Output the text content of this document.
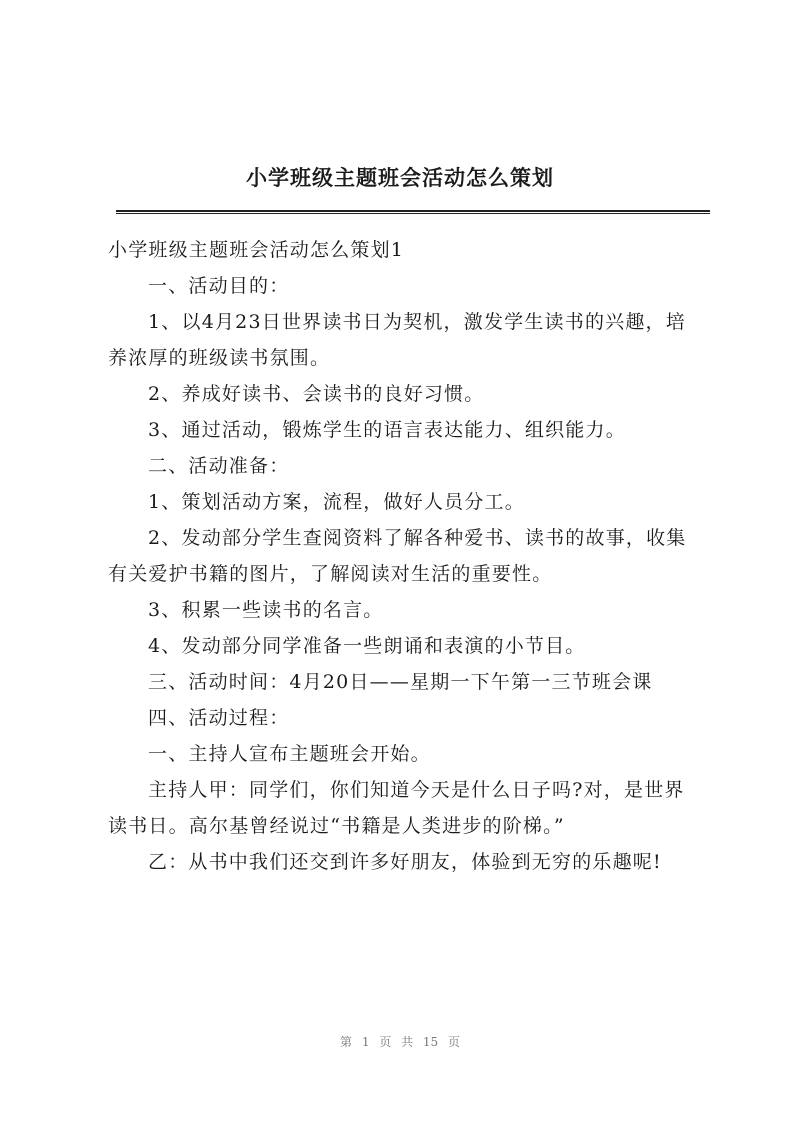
小学班级主题班会活动怎么策划

小学班级主题班会活动怎么策划1

一、活动目的：

1、以4月23日世界读书日为契机，激发学生读书的兴趣，培养浓厚的班级读书氛围。

2、养成好读书、会读书的良好习惯。

3、通过活动，锻炼学生的语言表达能力、组织能力。

二、活动准备：

1、策划活动方案，流程，做好人员分工。

2、发动部分学生查阅资料了解各种爱书、读书的故事，收集有关爱护书籍的图片，了解阅读对生活的重要性。

3、积累一些读书的名言。

4、发动部分同学准备一些朗诵和表演的小节目。

三、活动时间：4月20日——星期一下午第一三节班会课

四、活动过程：

一、主持人宣布主题班会开始。

主持人甲：同学们，你们知道今天是什么日子吗?对，是世界读书日。高尔基曾经说过“书籍是人类进步的阶梯。”

乙：从书中我们还交到许多好朋友，体验到无穷的乐趣呢!

第 1 页 共 15 页
